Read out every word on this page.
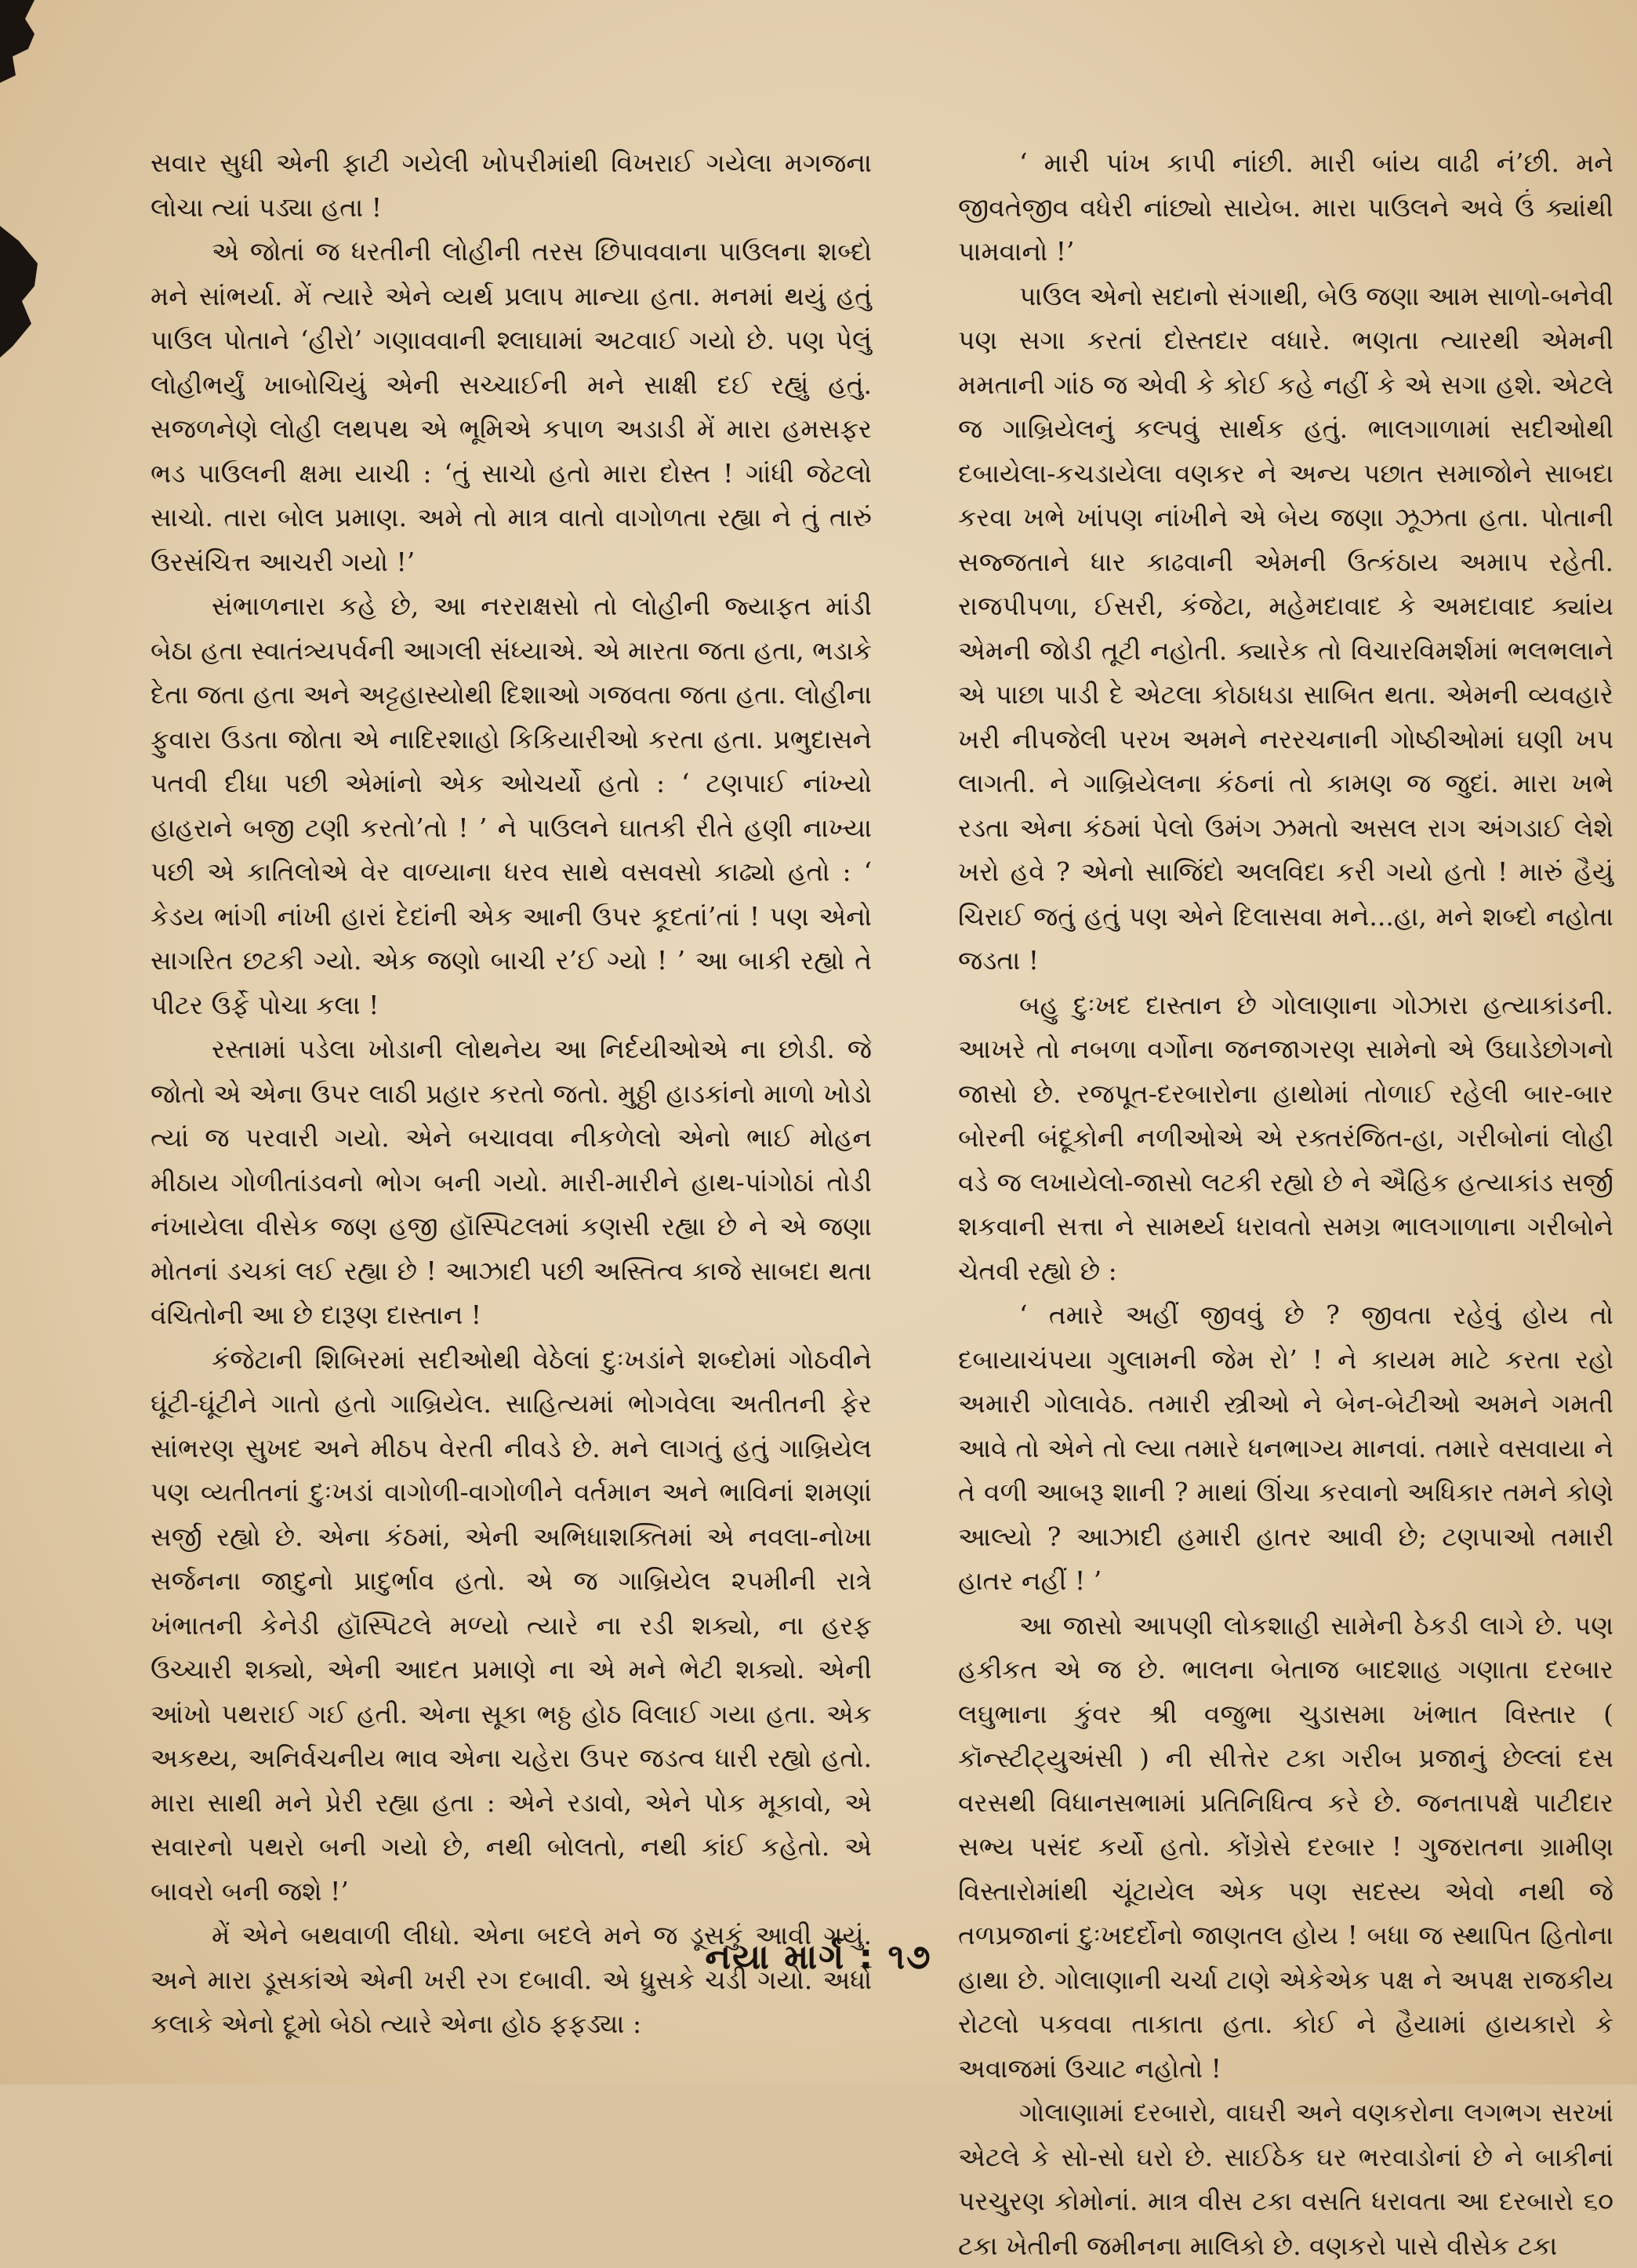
સવાર સુધી એની ફાટી ગયેલી ખોપરીમાંથી વિખરાઈ ગયેલા મગજના લોચા ત્યાં પડ્યા હતા !

એ જોતાં જ ધરતીની લોહીની તરસ છિપાવવાના પાઉલના શબ્દો મને સાંભર્યા. મેં ત્યારે એને વ્યર્થ પ્રલાપ માન્યા હતા. મનમાં થયું હતું પાઉલ પોતાને ‘હીરો’ ગણાવવાની શ્લાઘામાં અટવાઈ ગયો છે. પણ પેલું લોહીભર્યું ખાબોચિયું એની સચ્ચાઈની મને સાક્ષી દઈ રહ્યું હતું. સજળનેણે લોહી લથપથ એ ભૂમિએ કપાળ અડાડી મેં મારા હમસફર ભડ પાઉલની ક્ષમા યાચી : ‘તું સાચો હતો મારા દોસ્ત ! ગાંધી જેટલો સાચો. તારા બોલ પ્રમાણ. અમે તો માત્ર વાતો વાગોળતા રહ્યા ને તું તારું ઉરસંચિત્ત આચરી ગયો !’

સંભાળનારા કહે છે, આ નરરાક્ષસો તો લોહીની જ્યાફત માંડી બેઠા હતા સ્વાતંત્ર્યપર્વની આગલી સંધ્યાએ. એ મારતા જતા હતા, ભડાકે દેતા જતા હતા અને અટ્ટહાસ્યોથી દિશાઓ ગજવતા જતા હતા. લોહીના ફુવારા ઉડતા જોતા એ નાદિરશાહો કિકિયારીઓ કરતા હતા. પ્રભુદાસને પતવી દીધા પછી એમાંનો એક ઓચર્યો હતો : ‘ ટણપાઈ નાંખ્યો હાહરાને બજી ટણી કરતો’તો ! ’ ને પાઉલને ઘાતકી રીતે હણી નાખ્યા પછી એ કાતિલોએ વેર વાળ્યાના ધરવ સાથે વસવસો કાઢ્યો હતો : ‘ કેડય ભાંગી નાંખી હારાં દેદાંની એક આની ઉપર કૂદતાં’તાં ! પણ એનો સાગરિત છટકી ગ્યો. એક જણો બાચી ર’ઈ ગ્યો ! ’ આ બાકી રહ્યો તે પીટર ઉર્ફે પોચા કલા !

રસ્તામાં પડેલા ખોડાની લોથનેય આ નિર્દયીઓએ ના છોડી. જે જોતો એ એના ઉપર લાઠી પ્રહાર કરતો જતો. મુઠ્ઠી હાડકાંનો માળો ખોડો ત્યાં જ પરવારી ગયો. એને બચાવવા નીકળેલો એનો ભાઈ મોહન મીઠાય ગોળીતાંડવનો ભોગ બની ગયો. મારી-મારીને હાથ-પાંગોઠાં તોડી નંખાયેલા વીસેક જણ હજી હૉસ્પિટલમાં કણસી રહ્યા છે ને એ જણા મોતનાં ડચકાં લઈ રહ્યા છે ! આઝાદી પછી અસ્તિત્વ કાજે સાબદા થતા વંચિતોની આ છે દારૂણ દાસ્તાન !

કંજેટાની શિબિરમાં સદીઓથી વેઠેલાં દુઃખડાંને શબ્દોમાં ગોઠવીને ઘૂંટી-ઘૂંટીને ગાતો હતો ગાબ્રિયેલ. સાહિત્યમાં ભોગવેલા અતીતની ફેર સાંભરણ સુખદ અને મીઠપ વેરતી નીવડે છે. મને લાગતું હતું ગાબ્રિયેલ પણ વ્યતીતનાં દુઃખડાં વાગોળી-વાગોળીને વર્તમાન અને ભાવિનાં શમણાં સર્જી રહ્યો છે. એના કંઠમાં, એની અભિધાશક્તિમાં એ નવલા-નોખા સર્જનના જાદુનો પ્રાદુર્ભાવ હતો. એ જ ગાબ્રિયેલ ૨૫મીની રાત્રે ખંભાતની કેનેડી હૉસ્પિટલે મળ્યો ત્યારે ના રડી શક્યો, ના હરફ ઉચ્ચારી શક્યો, એની આદત પ્રમાણે ના એ મને ભેટી શક્યો. એની આંખો પથરાઈ ગઈ હતી. એના સૂકા ભઠ્ઠ હોઠ વિલાઈ ગયા હતા. એક અકથ્ય, અનિર્વચનીય ભાવ એના ચહેરા ઉપર જડત્વ ધારી રહ્યો હતો. મારા સાથી મને પ્રેરી રહ્યા હતા : એને રડાવો, એને પોક મૂકાવો, એ સવારનો પથરો બની ગયો છે, નથી બોલતો, નથી કાંઈ કહેતો. એ બાવરો બની જશે !’

મેં એને બથવાળી લીધો. એના બદલે મને જ ડૂસકું આવી ગયું. અને મારા ડૂસકાંએ એની ખરી રગ દબાવી. એ ધ્રુસકે ચડી ગયો. અર્ધો કલાકે એનો દૂમો બેઠો ત્યારે એના હોઠ ફફડ્યા :

‘ મારી પાંખ કાપી નાંછી. મારી બાંય વાઢી નં’છી. મને જીવતેજીવ વધેરી નાંછ્યો સાયેબ. મારા પાઉલને અવે ઉં ક્યાંથી પામવાનો !’

પાઉલ એનો સદાનો સંગાથી, બેઉ જણા આમ સાળો-બનેવી પણ સગા કરતાં દોસ્તદાર વધારે. ભણતા ત્યારથી એમની મમતાની ગાંઠ જ એવી કે કોઈ કહે નહીં કે એ સગા હશે. એટલે જ ગાબ્રિયેલનું કલ્પવું સાર્થક હતું. ભાલગાળામાં સદીઓથી દબાયેલા-કચડાયેલા વણકર ને અન્ય પછાત સમાજોને સાબદા કરવા ખભે ખાંપણ નાંખીને એ બેય જણા ઝૂઝતા હતા. પોતાની સજ્જતાને ધાર કાઢવાની એમની ઉત્કંઠાય અમાપ રહેતી. રાજપીપળા, ઈસરી, કંજેટા, મહેમદાવાદ કે અમદાવાદ ક્યાંય એમની જોડી તૂટી નહોતી. ક્યારેક તો વિચારવિમર્શમાં ભલભલાને એ પાછા પાડી દે એટલા કોઠાધડા સાબિત થતા. એમની વ્યવહારે ખરી નીપજેલી પરખ અમને નરરચનાની ગોષ્ઠીઓમાં ઘણી ખપ લાગતી. ને ગાબ્રિયેલના કંઠનાં તો કામણ જ જુદાં. મારા ખભે રડતા એના કંઠમાં પેલો ઉમંગ ઝમતો અસલ રાગ અંગડાઈ લેશે ખરો હવે ? એનો સાજિંદો અલવિદા કરી ગયો હતો ! મારું હૈયું ચિરાઈ જતું હતું પણ એને દિલાસવા મને...હા, મને શબ્દો નહોતા જડતા !

બહુ દુઃખદ દાસ્તાન છે ગોલાણાના ગોઝારા હત્યાકાંડની. આખરે તો નબળા વર્ગોના જનજાગરણ સામેનો એ ઉઘાડેછોગનો જાસો છે. રજપૂત-દરબારોના હાથોમાં તોળાઈ રહેલી બાર-બાર બોરની બંદૂકોની નળીઓએ એ રક્તરંજિત-હા, ગરીબોનાં લોહી વડે જ લખાયેલો-જાસો લટકી રહ્યો છે ને ઐહિક હત્યાકાંડ સર્જી શકવાની સત્તા ને સામર્થ્ય ધરાવતો સમગ્ર ભાલગાળાના ગરીબોને ચેતવી રહ્યો છે :

‘ તમારે અહીં જીવવું છે ? જીવતા રહેવું હોય તો દબાયાચંપયા ગુલામની જેમ રો’ ! ને કાયમ માટે કરતા રહો અમારી ગોલાવેઠ. તમારી સ્ત્રીઓ ને બેન-બેટીઓ અમને ગમતી આવે તો એને તો લ્યા તમારે ધનભાગ્ય માનવાં. તમારે વસવાયા ને તે વળી આબરૂ શાની ? માથાં ઊંચા કરવાનો અધિકાર તમને કોણે આલ્યો ? આઝાદી હમારી હાતર આવી છે; ટણપાઓ તમારી હાતર નહીં ! ’

આ જાસો આપણી લોકશાહી સામેની ઠેકડી લાગે છે. પણ હકીકત એ જ છે. ભાલના બેતાજ બાદશાહ ગણાતા દરબાર લઘુભાના કુંવર શ્રી વજુભા ચુડાસમા ખંભાત વિસ્તાર ( કૉન્સ્ટીટ્યુઅંસી ) ની સીત્તેર ટકા ગરીબ પ્રજાનું છેલ્લાં દસ વરસથી વિધાનસભામાં પ્રતિનિધિત્વ કરે છે. જનતાપક્ષે પાટીદાર સભ્ય પસંદ કર્યો હતો. કોંગ્રેસે દરબાર ! ગુજરાતના ગ્રામીણ વિસ્તારોમાંથી ચૂંટાયેલ એક પણ સદસ્ય એવો નથી જે તળપ્રજાનાં દુઃખદર્દોનો જાણતલ હોય ! બધા જ સ્થાપિત હિતોના હાથા છે. ગોલાણાની ચર્ચા ટાણે એકેએક પક્ષ ને અપક્ષ રાજકીય રોટલો પકવવા તાકાતા હતા. કોઈ ને હૈયામાં હાયકારો કે અવાજમાં ઉચાટ નહોતો !

ગોલાણામાં દરબારો, વાઘરી અને વણકરોના લગભગ સરખાં એટલે કે સો-સો ઘરો છે. સાઈઠેક ઘર ભરવાડોનાં છે ને બાકીનાં પરચુરણ કોમોનાં. માત્ર વીસ ટકા વસતિ ધરાવતા આ દરબારો ૬૦ ટકા ખેતીની જમીનના માલિકો છે. વણકરો પાસે વીસેક ટકા

નયા માર્ગ : ૧૭
